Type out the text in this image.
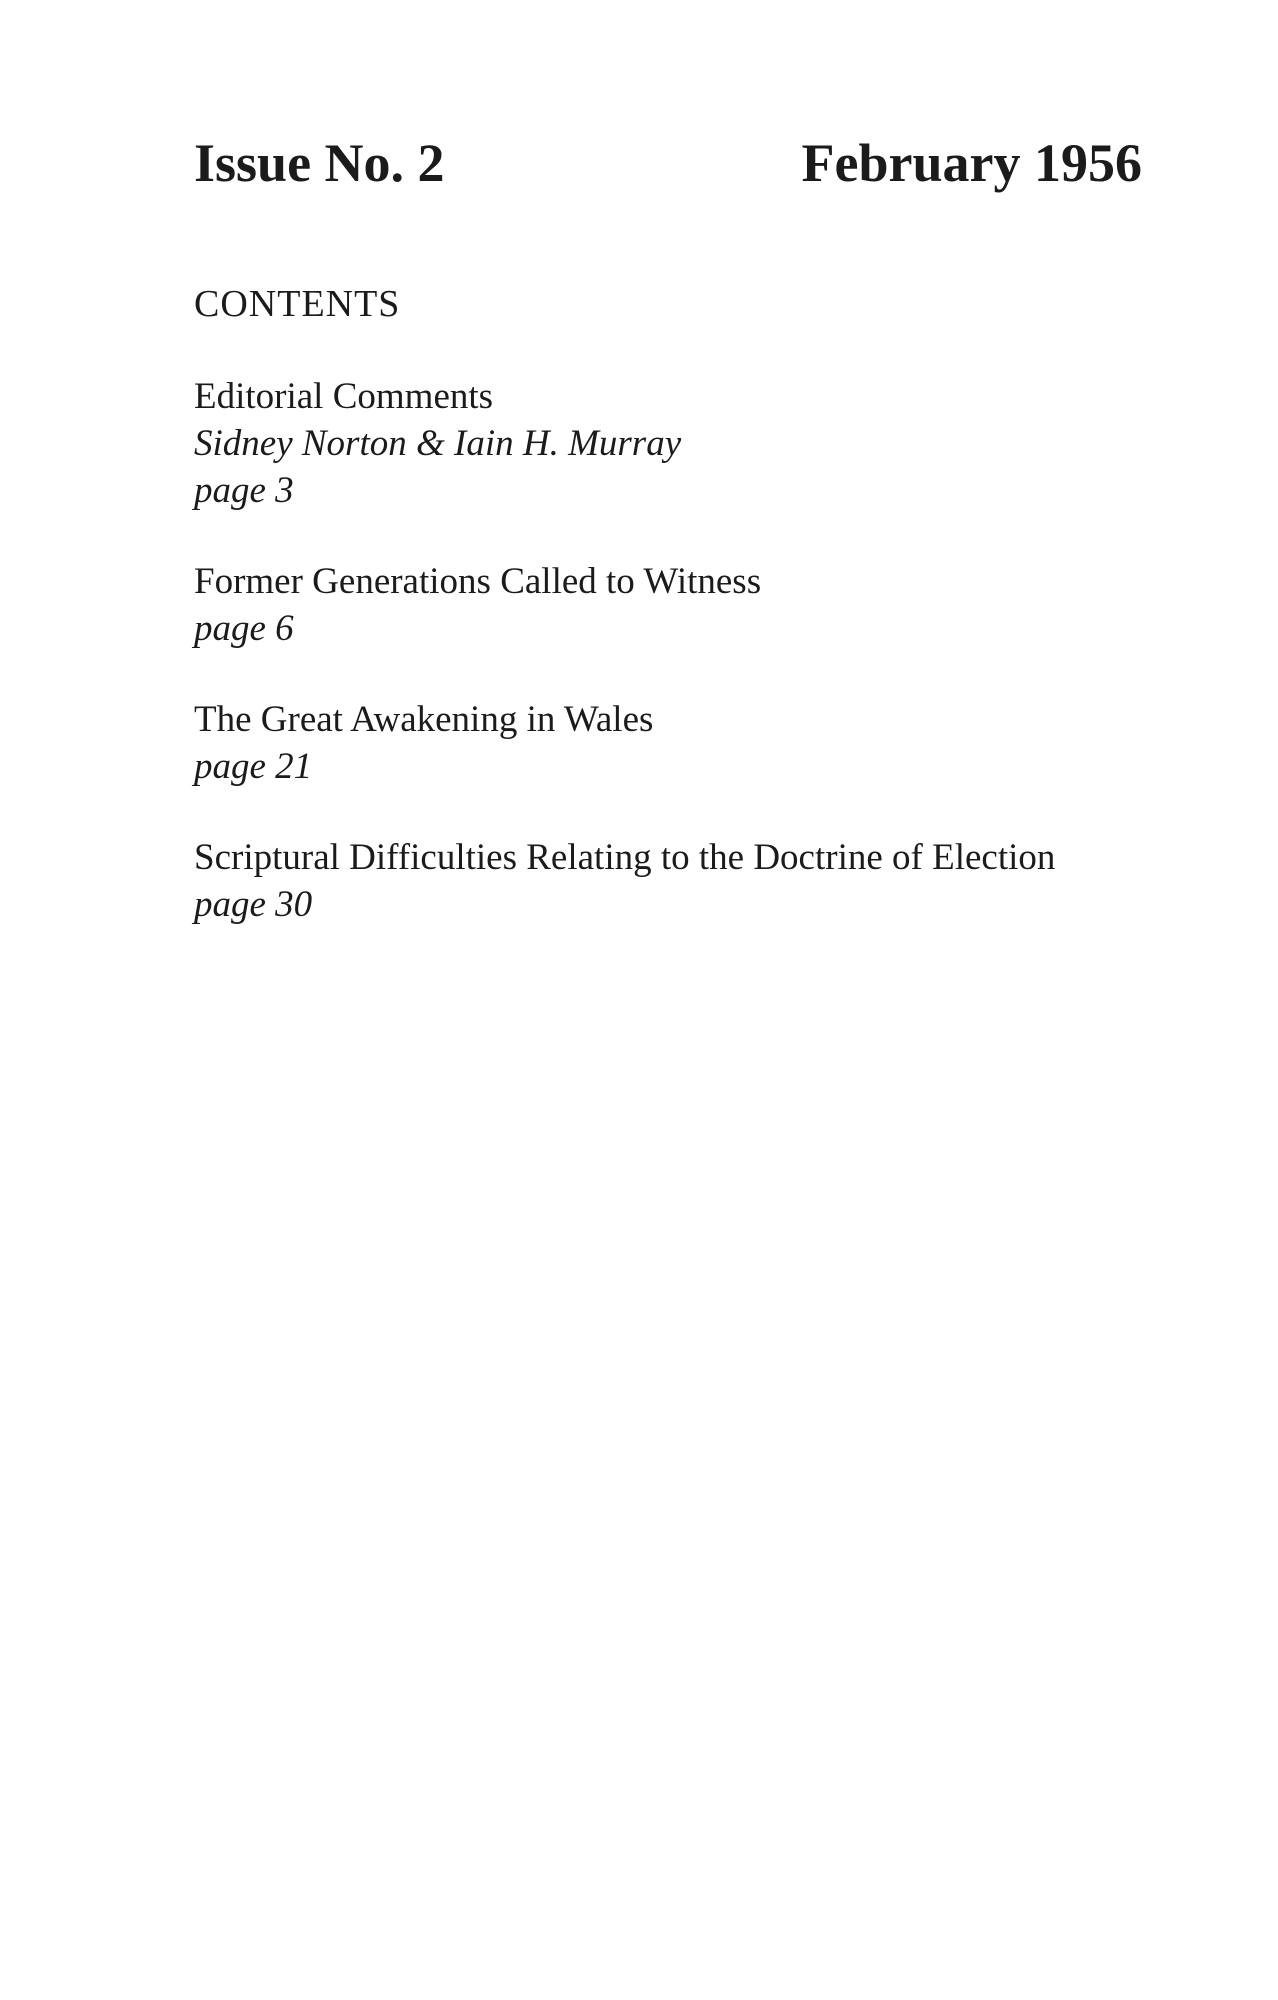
Issue No. 2	February 1956
CONTENTS
Editorial Comments
Sidney Norton & Iain H. Murray
page 3
Former Generations Called to Witness
page 6
The Great Awakening in Wales
page 21
Scriptural Difficulties Relating to the Doctrine of Election
page 30
